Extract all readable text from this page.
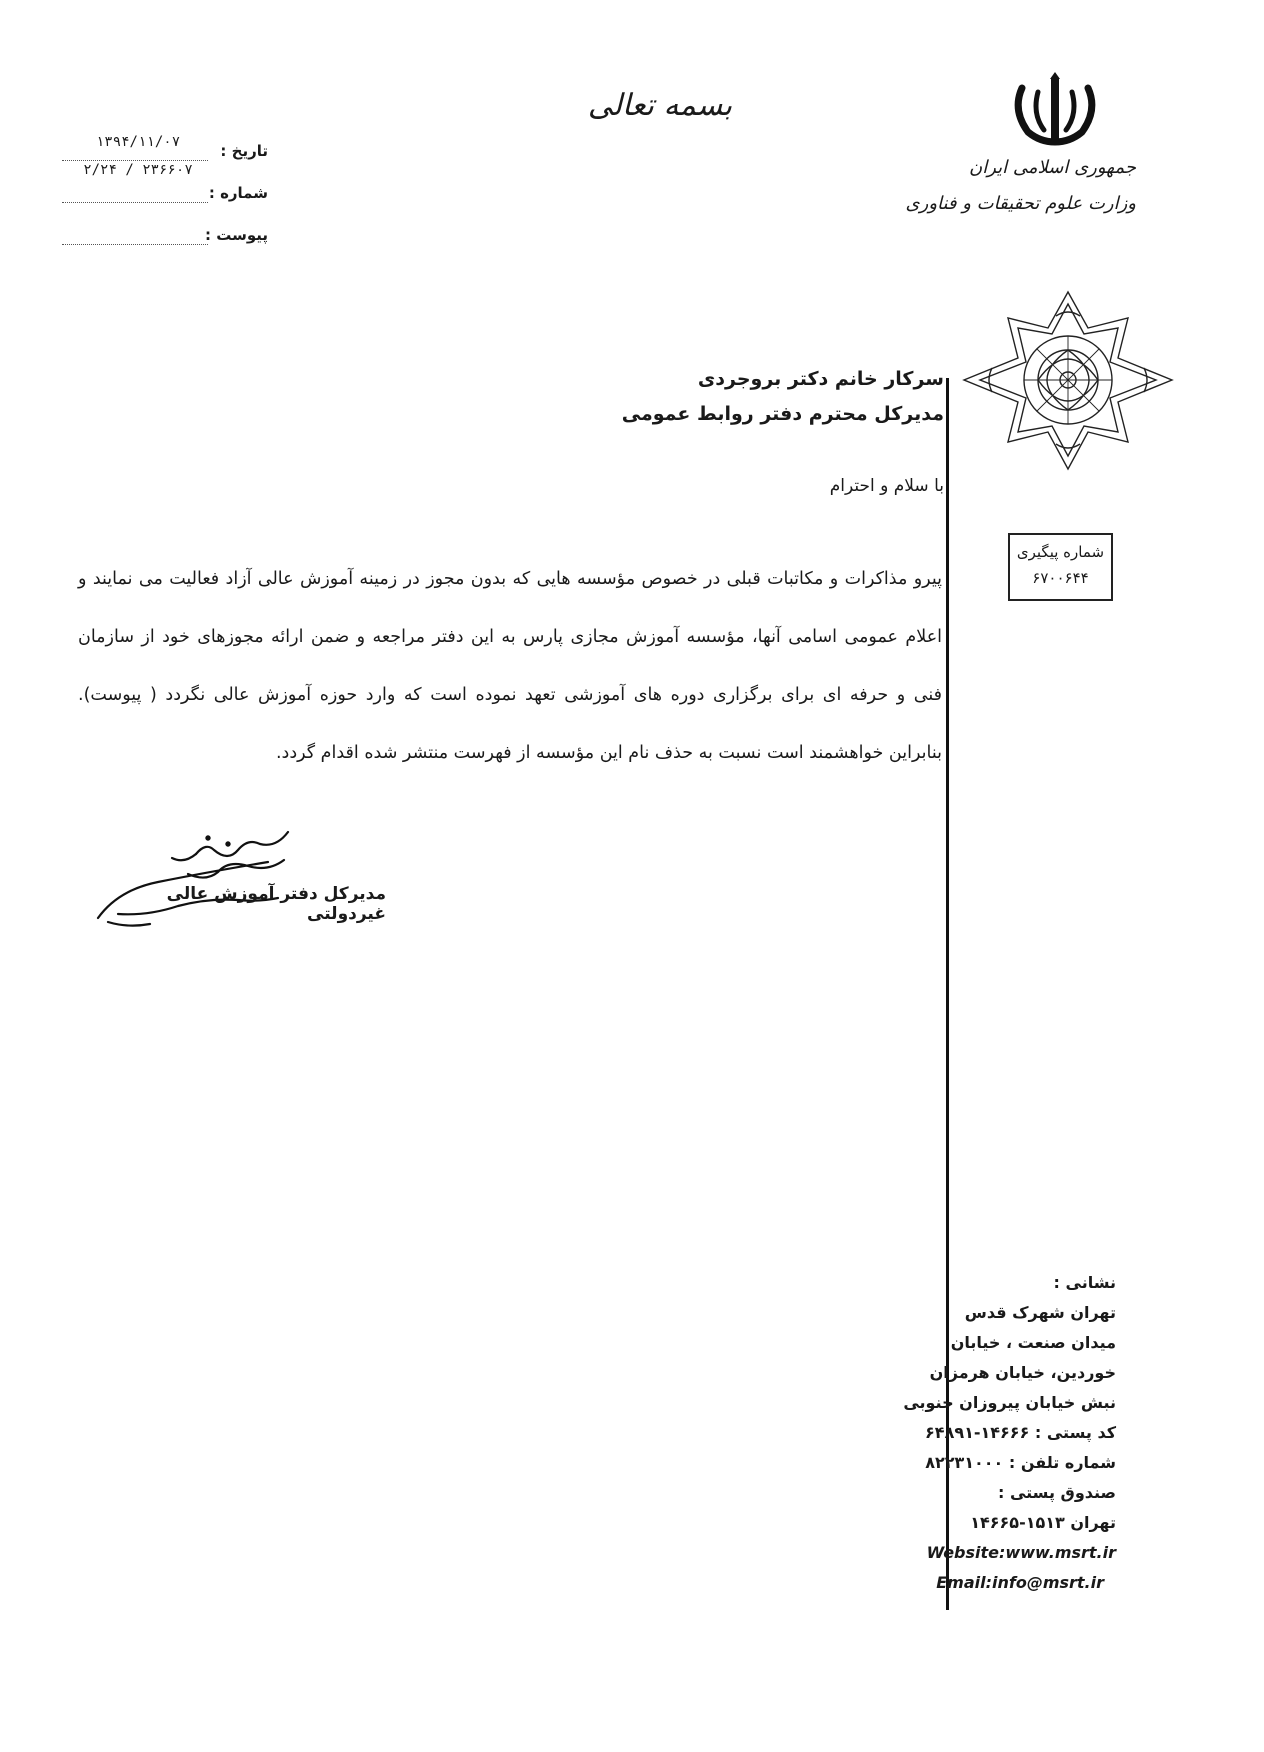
بسمه تعالی
جمهوری اسلامی ایران
وزارت علوم تحقیقات و فناوری
۱۳۹۴/۱۱/۰۷	تاریخ :
۲/۲۴ / ۲۳۶۶۰۷
شماره :
پیوست :
شماره پیگیری
۶۷۰۰۶۴۴
سرکار خانم دکتر بروجردی
مدیرکل محترم دفتر روابط عمومی
با سلام و احترام
پیرو مذاکرات و مکاتبات قبلی در خصوص مؤسسه هایی که بدون مجوز در زمینه آموزش عالی آزاد فعالیت می نمایند و اعلام عمومی اسامی آنها، مؤسسه آموزش مجازی پارس به این دفتر مراجعه و ضمن ارائه مجوزهای خود از سازمان فنی و حرفه ای برای برگزاری دوره های آموزشی تعهد نموده است که وارد حوزه آموزش عالی نگردد ( پیوست). بنابراین خواهشمند است نسبت به حذف نام این مؤسسه از فهرست منتشر شده اقدام گردد.
مدیرکل دفتر آموزش عالی غیردولتی
نشانی :
تهران شهرک قدس
میدان صنعت ، خیابان
خوردین، خیابان هرمزان
نبش خیابان پیروزان جنوبی
کد پستی : ۱۴۶۶۶-۶۴۸۹۱
شماره تلفن : ۸۲۲۳۱۰۰۰
صندوق پستی :
تهران ۱۵۱۳-۱۴۶۶۵
Website:www.msrt.ir
Email:info@msrt.ir
